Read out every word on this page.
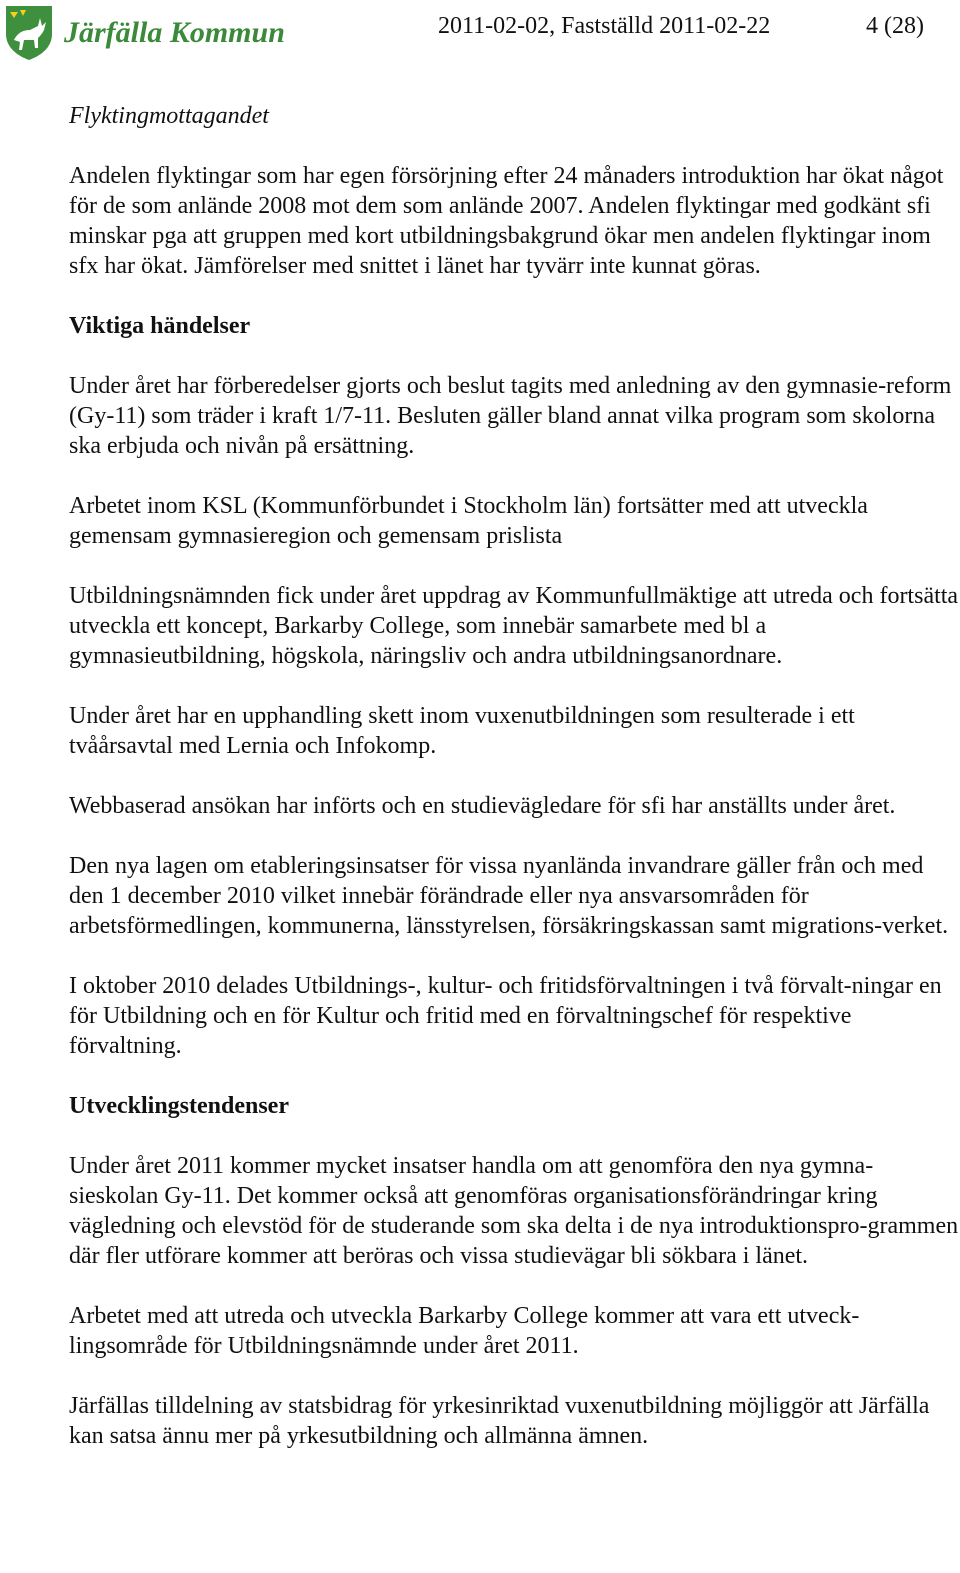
Järfälla Kommun	2011-02-02, Fastställd 2011-02-22	4 (28)
Flyktingmottagandet

Andelen flyktingar som har egen försörjning efter 24 månaders introduktion har ökat något för de som anlände 2008 mot dem som anlände 2007. Andelen flyktingar med godkänt sfi minskar pga att gruppen med kort utbildningsbakgrund ökar men andelen flyktingar inom sfx har ökat. Jämförelser med snittet i länet har tyvärr inte kunnat göras.

Viktiga händelser

Under året har förberedelser gjorts och beslut tagits med anledning av den gymnasie-reform (Gy-11) som träder i kraft 1/7-11. Besluten gäller bland annat vilka program som skolorna ska erbjuda och nivån på ersättning.

Arbetet inom KSL (Kommunförbundet i Stockholm län) fortsätter med att utveckla gemensam gymnasieregion och gemensam prislista

Utbildningsnämnden fick under året uppdrag av Kommunfullmäktige att utreda och fortsätta utveckla ett koncept, Barkarby College, som innebär samarbete med bl a gymnasieutbildning, högskola, näringsliv och andra utbildningsanordnare.

Under året har en upphandling skett inom vuxenutbildningen som resulterade i ett tvåårsavtal med Lernia och Infokomp.

Webbaserad ansökan har införts och en studievägledare för sfi har anställts under året.

Den nya lagen om etableringsinsatser för vissa nyanlända invandrare gäller från och med den 1 december 2010 vilket innebär förändrade eller nya ansvarsområden för arbetsförmedlingen, kommunerna, länsstyrelsen, försäkringskassan samt migrations-verket.

I oktober 2010 delades Utbildnings-, kultur- och fritidsförvaltningen i två förvalt-ningar en för Utbildning och en för Kultur och fritid med en förvaltningschef för respektive förvaltning.

Utvecklingstendenser

Under året 2011 kommer mycket insatser handla om att genomföra den nya gymna-sieskolan Gy-11. Det kommer också att genomföras organisationsförändringar kring vägledning och elevstöd för de studerande som ska delta i de nya introduktionspro-grammen där fler utförare kommer att beröras och vissa studievägar bli sökbara i länet.

Arbetet med att utreda och utveckla Barkarby College kommer att vara ett utveck-lingsområde för Utbildningsnämnde under året 2011.

Järfällas tilldelning av statsbidrag för yrkesinriktad vuxenutbildning möjliggör att Järfälla kan satsa ännu mer på yrkesutbildning och allmänna ämnen.
